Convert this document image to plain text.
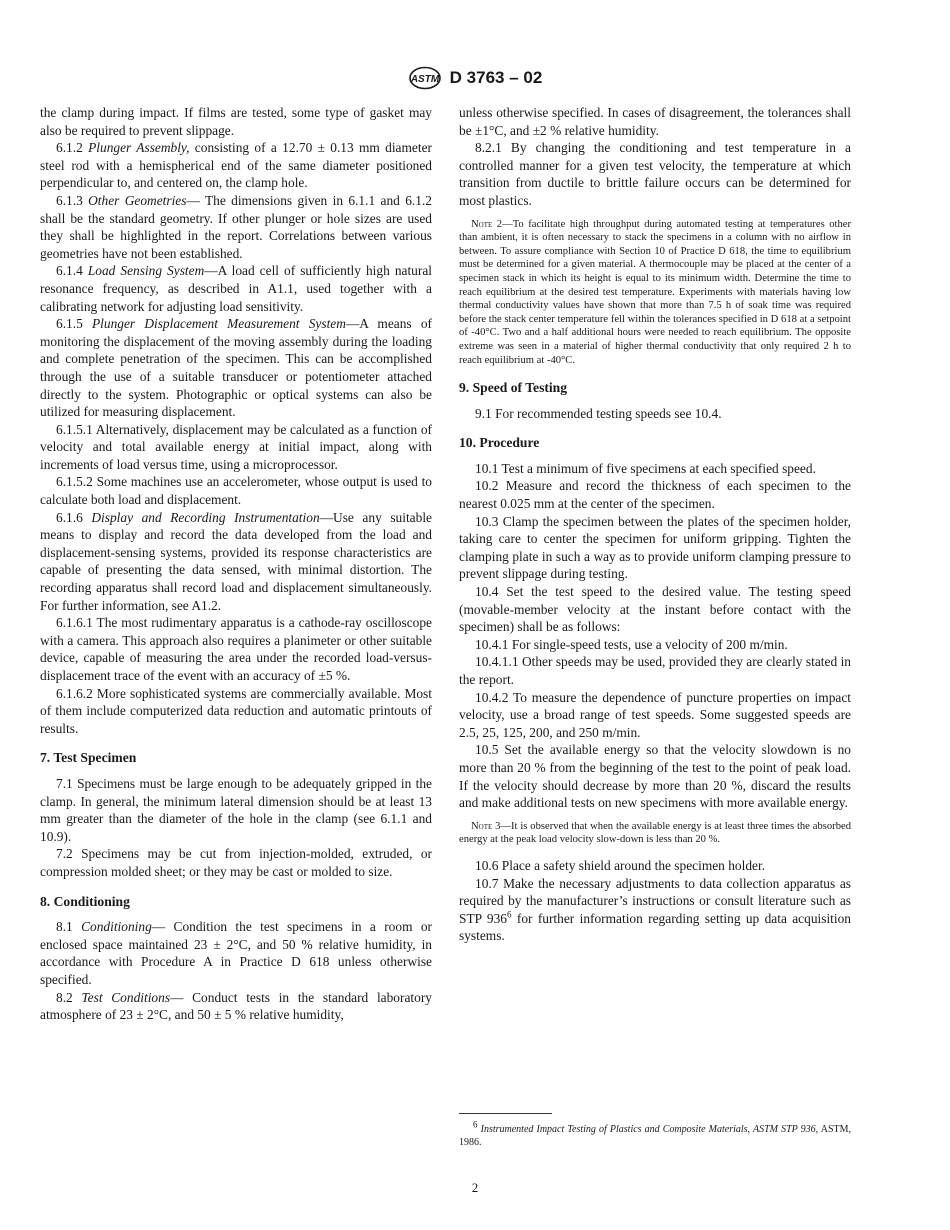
ASTM D 3763 – 02

the clamp during impact. If films are tested, some type of gasket may also be required to prevent slippage.

6.1.2 Plunger Assembly, consisting of a 12.70 ± 0.13 mm diameter steel rod with a hemispherical end of the same diameter positioned perpendicular to, and centered on, the clamp hole.

6.1.3 Other Geometries— The dimensions given in 6.1.1 and 6.1.2 shall be the standard geometry. If other plunger or hole sizes are used they shall be highlighted in the report. Correlations between various geometries have not been established.

6.1.4 Load Sensing System—A load cell of sufficiently high natural resonance frequency, as described in A1.1, used together with a calibrating network for adjusting load sensitivity.

6.1.5 Plunger Displacement Measurement System—A means of monitoring the displacement of the moving assembly during the loading and complete penetration of the specimen. This can be accomplished through the use of a suitable transducer or potentiometer attached directly to the system. Photographic or optical systems can also be utilized for measuring displacement.

6.1.5.1 Alternatively, displacement may be calculated as a function of velocity and total available energy at initial impact, along with increments of load versus time, using a microprocessor.

6.1.5.2 Some machines use an accelerometer, whose output is used to calculate both load and displacement.

6.1.6 Display and Recording Instrumentation—Use any suitable means to display and record the data developed from the load and displacement-sensing systems, provided its response characteristics are capable of presenting the data sensed, with minimal distortion. The recording apparatus shall record load and displacement simultaneously. For further information, see A1.2.

6.1.6.1 The most rudimentary apparatus is a cathode-ray oscilloscope with a camera. This approach also requires a planimeter or other suitable device, capable of measuring the area under the recorded load-versus-displacement trace of the event with an accuracy of ±5 %.

6.1.6.2 More sophisticated systems are commercially available. Most of them include computerized data reduction and automatic printouts of results.

7. Test Specimen

7.1 Specimens must be large enough to be adequately gripped in the clamp. In general, the minimum lateral dimension should be at least 13 mm greater than the diameter of the hole in the clamp (see 6.1.1 and 10.9).

7.2 Specimens may be cut from injection-molded, extruded, or compression molded sheet; or they may be cast or molded to size.

8. Conditioning

8.1 Conditioning— Condition the test specimens in a room or enclosed space maintained 23 ± 2°C, and 50 % relative humidity, in accordance with Procedure A in Practice D 618 unless otherwise specified.

8.2 Test Conditions— Conduct tests in the standard laboratory atmosphere of 23 ± 2°C, and 50 ± 5 % relative humidity,

unless otherwise specified. In cases of disagreement, the tolerances shall be ±1°C, and ±2 % relative humidity.

8.2.1 By changing the conditioning and test temperature in a controlled manner for a given test velocity, the temperature at which transition from ductile to brittle failure occurs can be determined for most plastics.

Note 2—To facilitate high throughput during automated testing at temperatures other than ambient, it is often necessary to stack the specimens in a column with no airflow in between. To assure compliance with Section 10 of Practice D 618, the time to equilibrium must be determined for a given material. A thermocouple may be placed at the center of a specimen stack in which its height is equal to its minimum width. Determine the time to reach equilibrium at the desired test temperature. Experiments with materials having low thermal conductivity values have shown that more than 7.5 h of soak time was required before the stack center temperature fell within the tolerances specified in D 618 at a setpoint of -40°C. Two and a half additional hours were needed to reach equilibrium. The opposite extreme was seen in a material of higher thermal conductivity that only required 2 h to reach equilibrium at -40°C.

9. Speed of Testing

9.1 For recommended testing speeds see 10.4.

10. Procedure

10.1 Test a minimum of five specimens at each specified speed.

10.2 Measure and record the thickness of each specimen to the nearest 0.025 mm at the center of the specimen.

10.3 Clamp the specimen between the plates of the specimen holder, taking care to center the specimen for uniform gripping. Tighten the clamping plate in such a way as to provide uniform clamping pressure to prevent slippage during testing.

10.4 Set the test speed to the desired value. The testing speed (movable-member velocity at the instant before contact with the specimen) shall be as follows:

10.4.1 For single-speed tests, use a velocity of 200 m/min.

10.4.1.1 Other speeds may be used, provided they are clearly stated in the report.

10.4.2 To measure the dependence of puncture properties on impact velocity, use a broad range of test speeds. Some suggested speeds are 2.5, 25, 125, 200, and 250 m/min.

10.5 Set the available energy so that the velocity slowdown is no more than 20 % from the beginning of the test to the point of peak load. If the velocity should decrease by more than 20 %, discard the results and make additional tests on new specimens with more available energy.

Note 3—It is observed that when the available energy is at least three times the absorbed energy at the peak load velocity slow-down is less than 20 %.

10.6 Place a safety shield around the specimen holder.

10.7 Make the necessary adjustments to data collection apparatus as required by the manufacturer’s instructions or consult literature such as STP $936^6$ for further information regarding setting up data acquisition systems.

$^6$ Instrumented Impact Testing of Plastics and Composite Materials, ASTM STP 936, ASTM, 1986.
2
